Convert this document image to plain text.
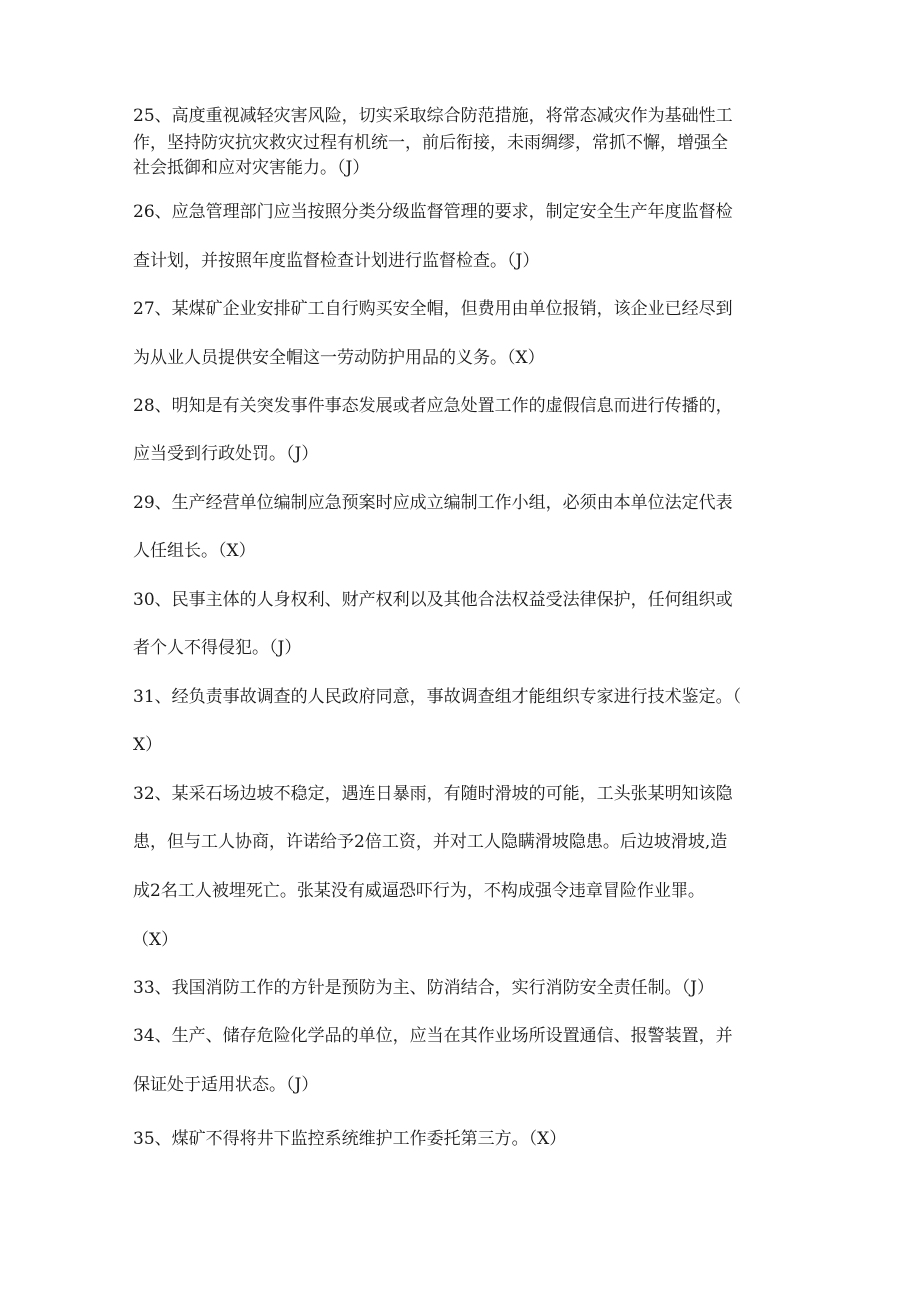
25、高度重视减轻灾害风险，切实采取综合防范措施，将常态减灾作为基础性工
作，坚持防灾抗灾救灾过程有机统一，前后衔接，未雨绸缪，常抓不懈，增强全
社会抵御和应对灾害能力。（J）
26、应急管理部门应当按照分类分级监督管理的要求，制定安全生产年度监督检
查计划，并按照年度监督检查计划进行监督检查。（J）
27、某煤矿企业安排矿工自行购买安全帽，但费用由单位报销，该企业已经尽到
为从业人员提供安全帽这一劳动防护用品的义务。（X）
28、明知是有关突发事件事态发展或者应急处置工作的虚假信息而进行传播的，
应当受到行政处罚。（J）
29、生产经营单位编制应急预案时应成立编制工作小组，必须由本单位法定代表
人任组长。（X）
30、民事主体的人身权利、财产权利以及其他合法权益受法律保护，任何组织或
者个人不得侵犯。（J）
31、经负责事故调查的人民政府同意，事故调查组才能组织专家进行技术鉴定。（
X）
32、某采石场边坡不稳定，遇连日暴雨，有随时滑坡的可能，工头张某明知该隐
患，但与工人协商，许诺给予2倍工资，并对工人隐瞒滑坡隐患。后边坡滑坡,造
成2名工人被埋死亡。张某没有威逼恐吓行为，不构成强令违章冒险作业罪。
（X）
33、我国消防工作的方针是预防为主、防消结合，实行消防安全责任制。（J）
34、生产、储存危险化学品的单位，应当在其作业场所设置通信、报警装置，并
保证处于适用状态。（J）
35、煤矿不得将井下监控系统维护工作委托第三方。（X）
